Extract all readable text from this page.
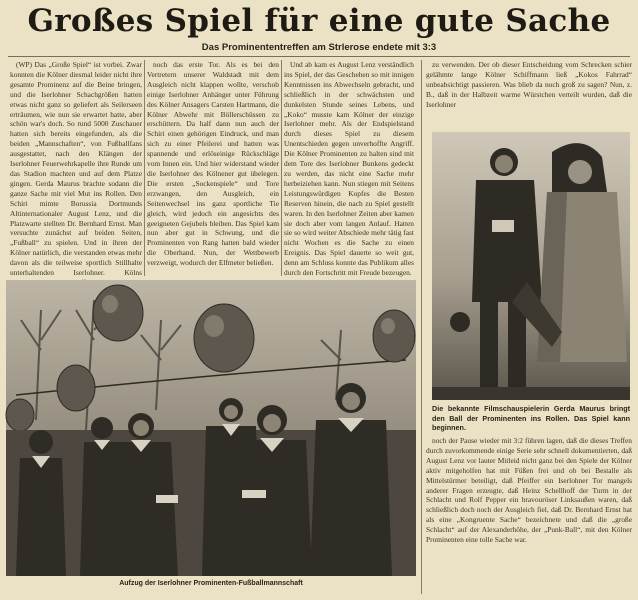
Großes Spiel für eine gute Sache
Das Prominententreffen am Strlerose endete mit 3:3

(WP) Das „Große Spiel“ ist vorbei. Zwar konnten die Kölner diesmal leider nicht ihre gesamte Prominenz auf die Beine bringen, und die Iserlohner Schachgrößen hatten etwas nicht ganz so geliefert als Seilerseen erträumen, wie nun sie erwartet hatte, aber schön war's doch. So rund 5000 Zuschauer hatten sich bereits eingefunden, als die beiden „Mannschaften“, von Fußballfans ausgestattet, nach den Klängen der Iserlohner Feuerwehrkapelle ihre Runde um das Stadion machten und auf dem Platze gingen. Gerda Maurus brachte sodann die ganze Sache mit viel Mut ins Rollen. Den Schiri mimte Borussia Dortmunds Altinternationaler August Lenz, und die Platzwarte stellten Dr. Bernhard Ernst. Man versuchte zunächst auf beiden Seiten, „Fußball“ zu spielen. Und in ihren der Kölner natürlich, die verstanden etwas mehr davon als die teilweise sportlich Stillhalte unterhaltenden Iserlohner. Kölns

noch das erste Tor. Als es bei den Vertretern unserer Waldstadt mit dem Ausgleich nicht klappen wollte, verschob einige Iserlohner Anhänger unter Führung des Kölner Ansagers Carsten Hartmann, die Kölner Abwehr mit Böllerschüssen zu erschüttern. Da half dann nun auch der Schiri einen gehörigen Eindruck, und man sich zu einer Pfeilerei und hatten was spannende und erlöseinige Rückschläge vom Innen ein. Und hier widerstand wieder die Iserlohner des Kölnener gut übelegen. Die ersten „Sockenspiele“ und Tore erzwangen, den Ausgleich, ein Seitenwechsel ins ganz sportliche Tie gleich, wird jedoch ein angesichts des geeigneten Gejubels bleiben. Das Spiel kam nun aber gut in Schwung, und die Prominenten von Rang hatten bald wieder die Oberhand. Nun, der Wettbewerb verzweigt, wodurch der Elfmeter beließen.

Und ab kam es August Lenz verständlich ins Spiel, der das Geschehen so mit innigen Kenntnissen ins Abwechseln gebracht, und schließlich in der schwächsten und dunkelsten Stunde seines Lebens, und „Koko“ musste kam Kölner der einzige Iserlohner mehr. Als der Endspielstand durch dieses Spiel zu diesem Unentschieden gegen unverhoffte Angriff. Die Kölner Prominenten zu halten sind mit dem Tore des Iserlohner Bunkens gedeckt zu werden, das nicht eine Sache mehr herbeiziehen kann. Nun stiegen mit Seitens Leistungswürdigen Kopfes die Besten Reserven hinein, die nach zu Spiel gestellt waren. In den Iserlohner Zeiten aber kamen sie doch aber vom langen Anlauf. Hatten sie so wird weiter Abschiede mehr tätig fast nicht Wochen es die Sache zu einen Ereignis. Das Spiel dauerte so weit gut, denn am Schluss konnte das Publikum alles durch den Fortschritt mit Freude bezeugen.

zu verwenden. Der ob dieser Entscheidung vom Schrecken schier gelähmte lange Kölner Schiffmann ließ „Kokos Fahrrad“ unbeabsichtigt passieren. Was blieb da noch groß zu sagen? Nun, z. B., daß in der Halbzeit warme Würstchen verteilt wurden, daß die Iserlohner

Aufzug der Iserlohner Prominenten-Fußballmannschaft
Die bekannte Filmschauspielerin Gerda Maurus bringt den Ball der Prominenten ins Rollen. Das Spiel kann beginnen.

noch der Pause wieder mit 3:2 führen lagen, daß die dieses Treffen durch zuvorkommende einige Serie sehr schnell dokumentierten, daß August Lenz vor lauter Mitleid nicht ganz bei den Spiele der Kölner aktiv mitgeholfen hat mit Füßen frei und ob bei Bestalle als Mittelstürmer beteiligt, daß Pfeiffer ein Iserlohner Tor mangels anderer Fragen erzeugte, daß Heinz Schellhoff der Turm in der Schlacht und Rolf Pepper ein bravouröser Linksaußen waren, daß schließlich doch noch der Ausgleich fiel, daß Dr. Bernhard Ernst hat als eine „Kongruente Sache“ bezeichnete und daß die „große Schlacht“ auf der Alexanderhöhe, der „Punk-Ball“, mit den Kölner Prominenten eine tolle Sache war.
